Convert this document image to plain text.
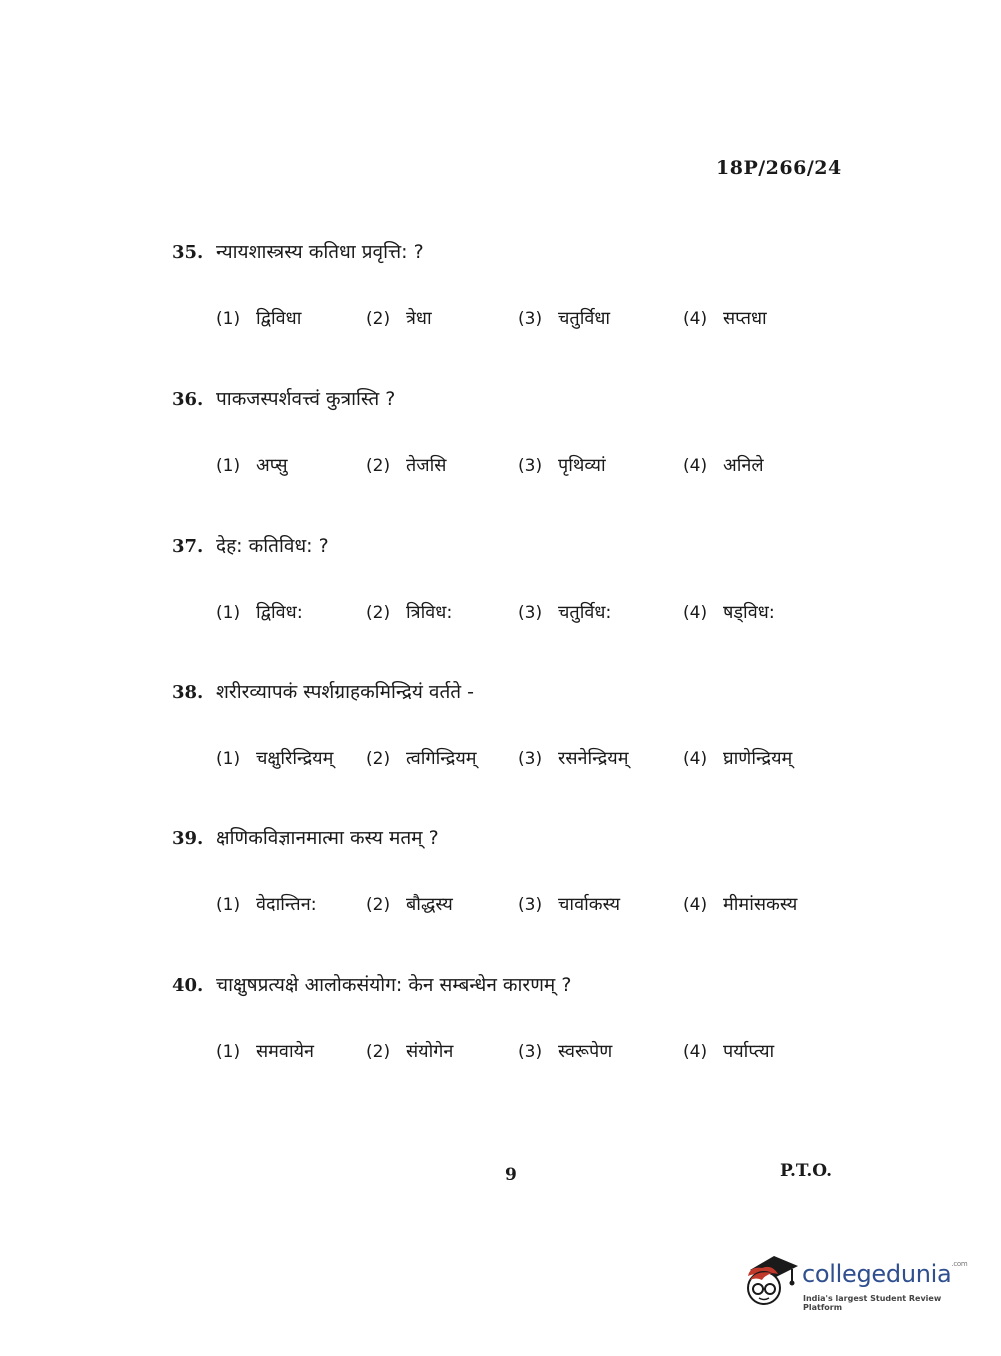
18P/266/24
35. न्यायशास्त्रस्य कतिधा प्रवृत्ति: ?
(1) द्विविधा	(2) त्रेधा	(3) चतुर्विधा	(4) सप्तधा
36. पाकजस्पर्शवत्त्वं कुत्रास्ति ?
(1) अप्सु	(2) तेजसि	(3) पृथिव्यां	(4) अनिले
37. देह: कतिविध: ?
(1) द्विविध:	(2) त्रिविध:	(3) चतुर्विध:	(4) षड्विध:
38. शरीरव्यापकं स्पर्शग्राहकमिन्द्रियं वर्तते -
(1) चक्षुरिन्द्रियम् (2) त्वगिन्द्रियम् (3) रसनेन्द्रियम्	(4) घ्राणेन्द्रियम्
39. क्षणिकविज्ञानमात्मा कस्य मतम् ?
(1) वेदान्तिन:	(2) बौद्धस्य	(3) चार्वाकस्य	(4) मीमांसकस्य
40. चाक्षुषप्रत्यक्षे आलोकसंयोग: केन सम्बन्धेन कारणम् ?
(1) समवायेन	(2) संयोगेन	(3) स्वरूपेण	(4) पर्याप्त्या
9	P.T.O.
collegedunia$^{.com}$
India's largest Student Review Platform
